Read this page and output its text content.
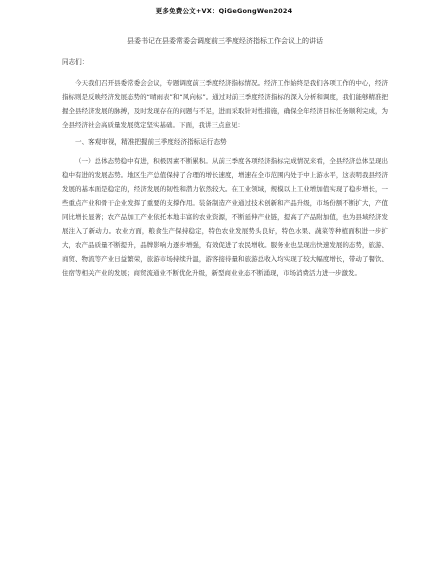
更多免费公文+VX：QiGeGongWen2024
县委书记在县委常委会调度前三季度经济指标工作会议上的讲话
同志们：

今天我们召开县委常委会会议，专题调度前三季度经济指标情况。经济工作始终是我们各项工作的中心，经济指标则是反映经济发展态势的“晴雨表”和“风向标”。通过对前三季度经济指标的深入分析和调度，我们能够精准把握全县经济发展的脉搏，及时发现存在的问题与不足，进而采取针对性措施，确保全年经济目标任务顺利完成，为全县经济社会高质量发展奠定坚实基础。下面，我讲三点意见：

一、客观审视，精准把握前三季度经济指标运行态势

（一）总体态势稳中有进，积极因素不断累积。从前三季度各项经济指标完成情况来看，全县经济总体呈现出稳中有进的发展态势。地区生产总值保持了合理的增长速度，增速在全市范围内处于中上游水平，这表明我县经济发展的基本面是稳定的，经济发展的韧性和潜力依然较大。在工业领域，规模以上工业增加值实现了稳步增长，一些重点产业和骨干企业发挥了重要的支撑作用。装备制造产业通过技术创新和产品升级，市场份额不断扩大，产值同比增长显著；农产品加工产业依托本地丰富的农业资源，不断延伸产业链，提高了产品附加值，也为县域经济发展注入了新动力。农业方面，粮食生产保持稳定，特色农业发展势头良好，特色水果、蔬菜等种植面积进一步扩大，农产品质量不断提升，品牌影响力逐步增强，有效促进了农民增收。服务业也呈现出快速发展的态势，旅游、商贸、物流等产业日益繁荣，旅游市场持续升温，游客接待量和旅游总收入均实现了较大幅度增长，带动了餐饮、住宿等相关产业的发展；商贸流通业不断优化升级，新型商业业态不断涌现，市场消费活力进一步激发。
